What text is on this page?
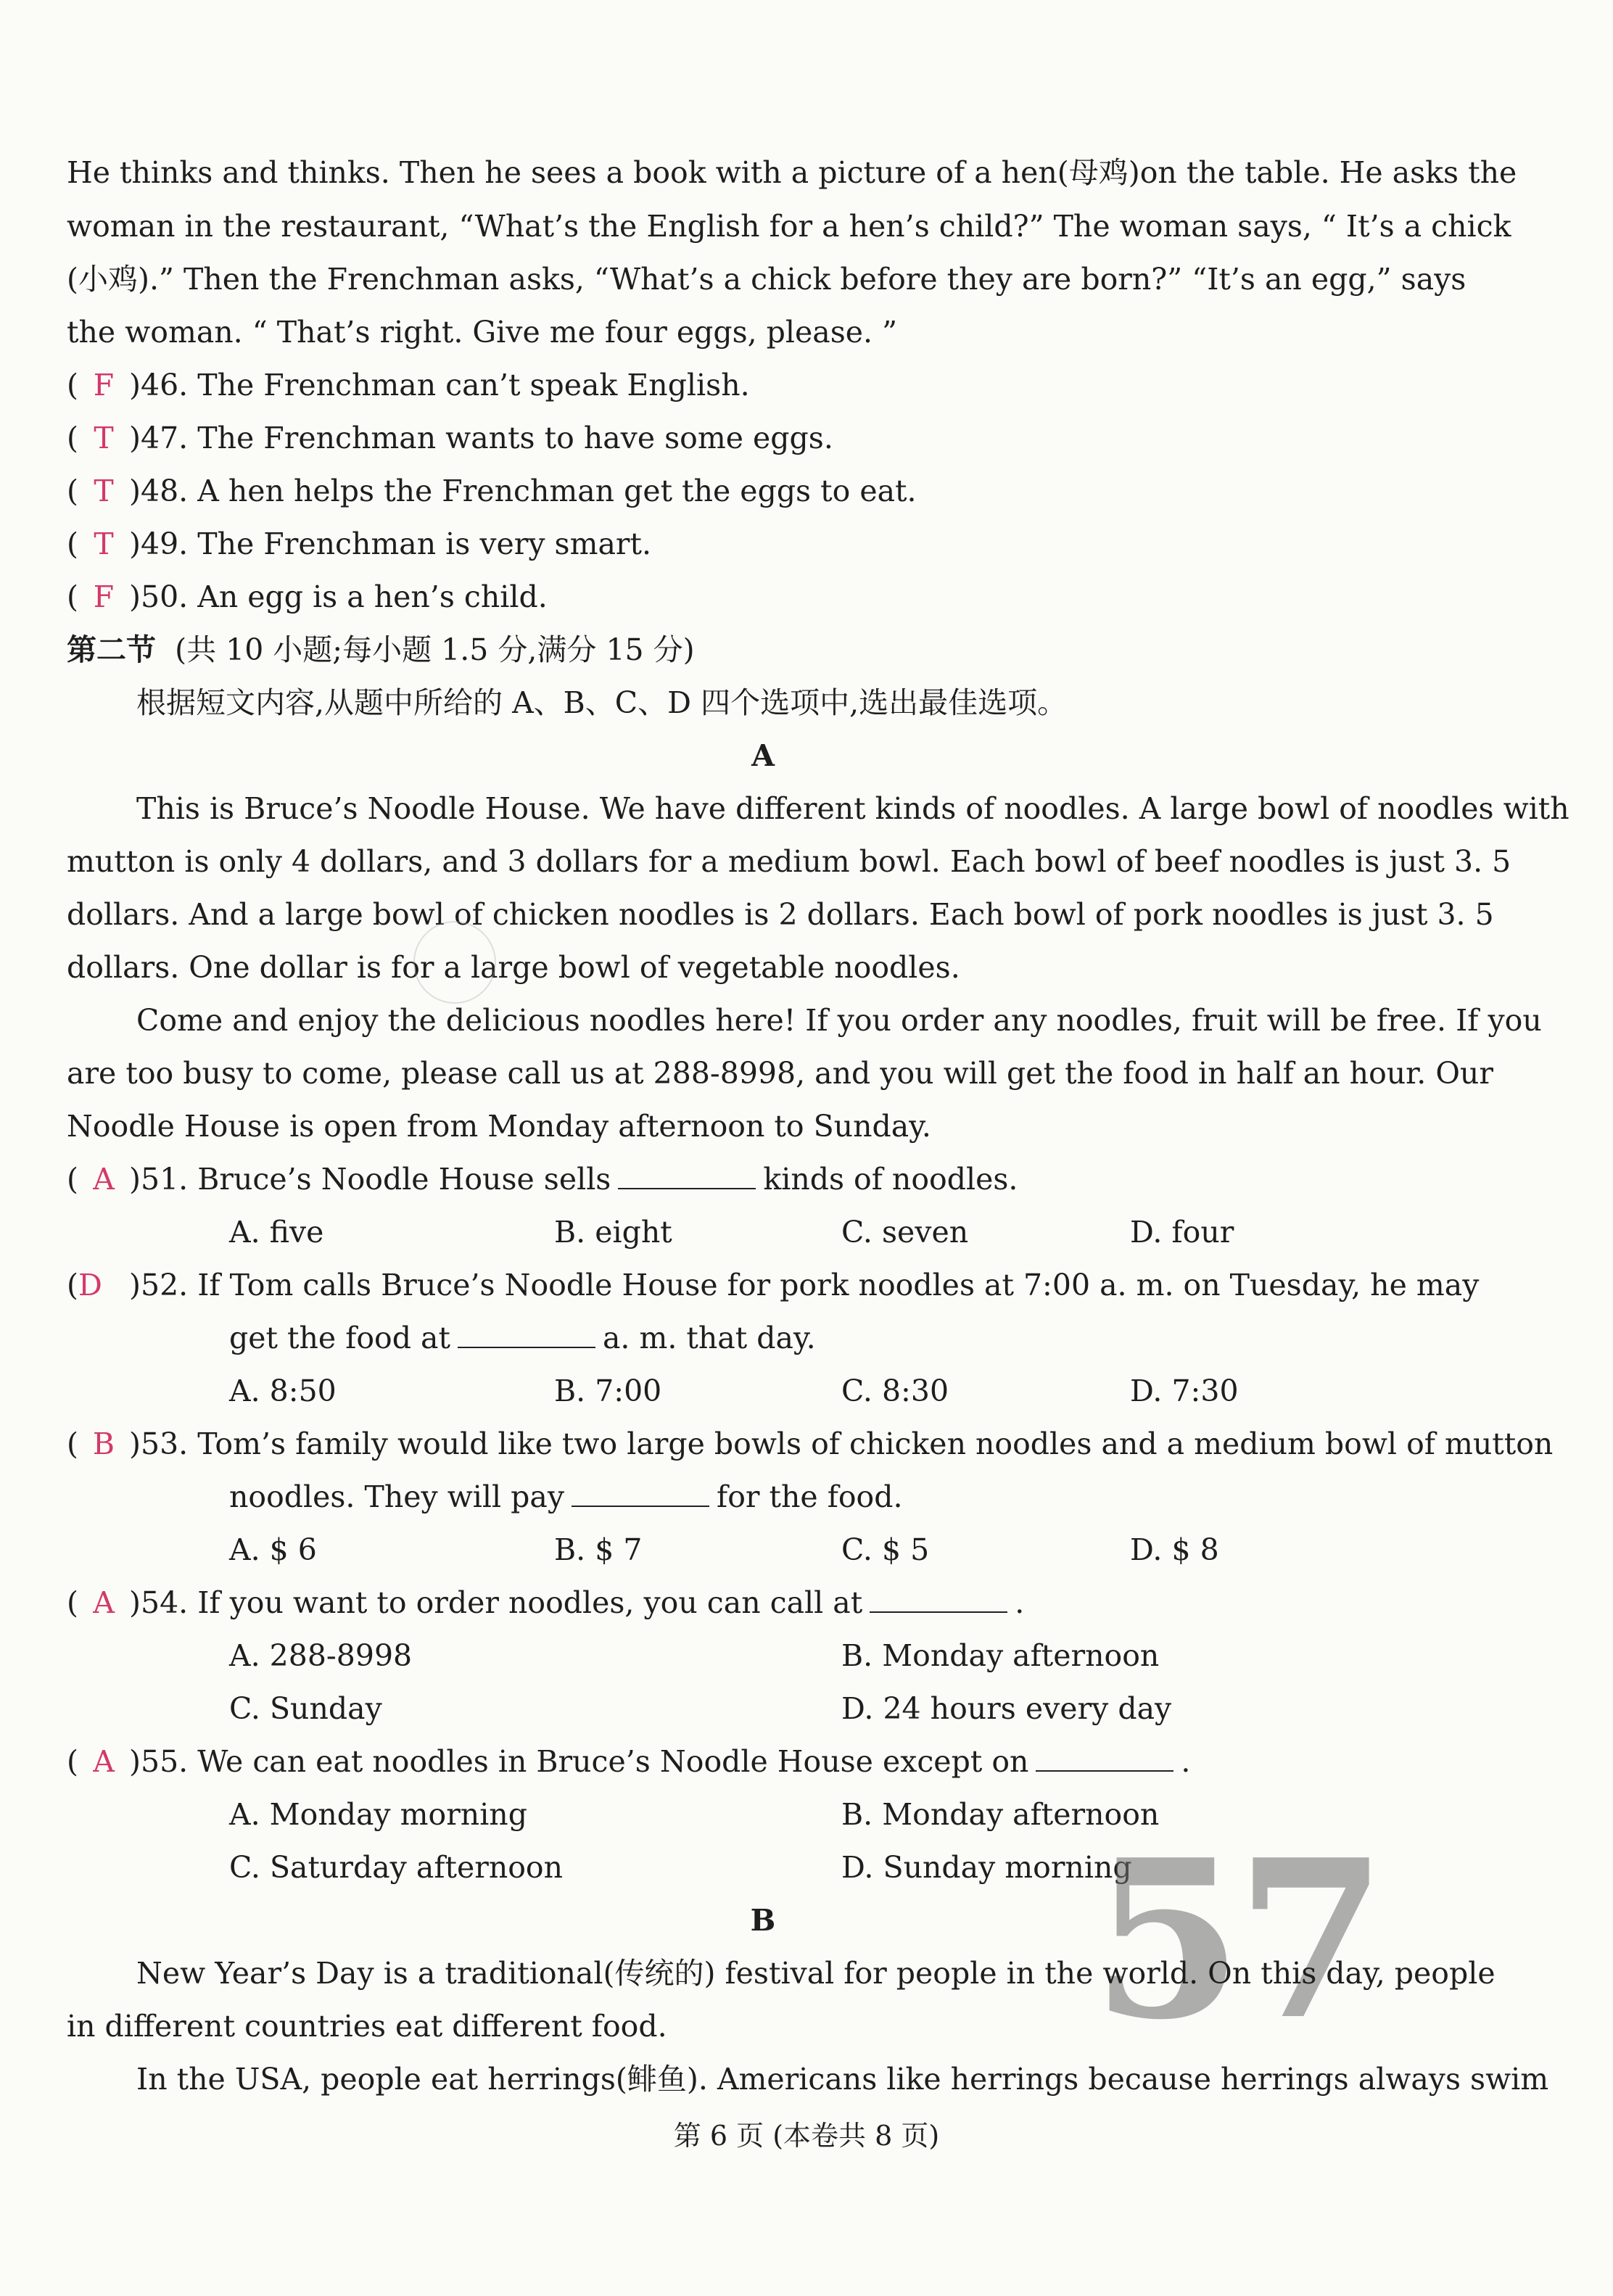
He thinks and thinks. Then he sees a book with a picture of a hen(母鸡)on the table. He asks the
woman in the restaurant, “What’s the English for a hen’s child?” The woman says, “ It’s a chick
(小鸡).” Then the Frenchman asks, “What’s a chick before they are born?” “It’s an egg,” says
the woman. “ That’s right. Give me four eggs, please. ”
( F )46. The Frenchman can’t speak English.
( T )47. The Frenchman wants to have some eggs.
( T )48. A hen helps the Frenchman get the eggs to eat.
( T )49. The Frenchman is very smart.
( F )50. An egg is a hen’s child.
第二节 (共 10 小题;每小题 1.5 分,满分 15 分)
根据短文内容,从题中所给的 A、B、C、D 四个选项中,选出最佳选项。
A
This is Bruce’s Noodle House. We have different kinds of noodles. A large bowl of noodles with
mutton is only 4 dollars, and 3 dollars for a medium bowl. Each bowl of beef noodles is just 3. 5
dollars. And a large bowl of chicken noodles is 2 dollars. Each bowl of pork noodles is just 3. 5
dollars. One dollar is for a large bowl of vegetable noodles.
Come and enjoy the delicious noodles here! If you order any noodles, fruit will be free. If you
are too busy to come, please call us at 288-8998, and you will get the food in half an hour. Our
Noodle House is open from Monday afternoon to Sunday.
( A )51. Bruce’s Noodle House sells	kinds of noodles.
A. five	B. eight	C. seven	D. four
(D )52. If Tom calls Bruce’s Noodle House for pork noodles at 7:00 a. m. on Tuesday, he may
get the food at	a. m. that day.
A. 8:50	B. 7:00	C. 8:30	D. 7:30
( B )53. Tom’s family would like two large bowls of chicken noodles and a medium bowl of mutton
noodles. They will pay	for the food.
A. $ 6	B. $ 7	C. $ 5	D. $ 8
( A )54. If you want to order noodles, you can call at	.
A. 288-8998	B. Monday afternoon
C. Sunday	D. 24 hours every day
( A )55. We can eat noodles in Bruce’s Noodle House except on	.
A. Monday morning	B. Monday afternoon
C. Saturday afternoon	D. Sunday morning
57
B
New Year’s Day is a traditional(传统的) festival for people in the world. On this day, people
in different countries eat different food.
In the USA, people eat herrings(鲱鱼). Americans like herrings because herrings always swim
第 6 页 (本卷共 8 页)
